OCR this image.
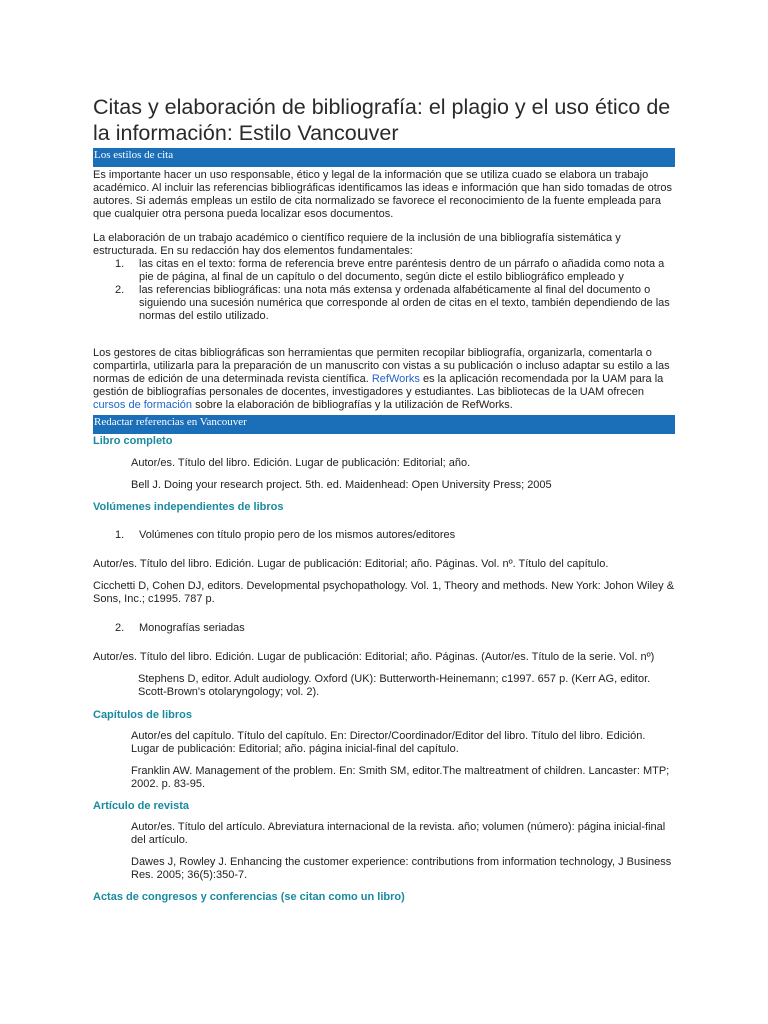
Citas y elaboración de bibliografía: el plagio y el uso ético de la información: Estilo Vancouver
Los estilos de cita

Es importante hacer un uso responsable, ético y legal de la información que se utiliza cuado se elabora un trabajo académico. Al incluir las referencias bibliográficas identificamos las ideas e información que han sido tomadas de otros autores. Si además empleas un estilo de cita normalizado se favorece el reconocimiento de la fuente empleada para que cualquier otra persona pueda localizar esos documentos.

La elaboración de un trabajo académico o científico requiere de la inclusión de una bibliografía sistemática y estructurada. En su redacción hay dos elementos fundamentales:

1. las citas en el texto: forma de referencia breve entre paréntesis dentro de un párrafo o añadida como nota a pie de página, al final de un capítulo o del documento, según dicte el estilo bibliográfico empleado y
2. las referencias bibliográficas: una nota más extensa y ordenada alfabéticamente al final del documento o siguiendo una sucesión numérica que corresponde al orden de citas en el texto, también dependiendo de las normas del estilo utilizado.

Los gestores de citas bibliográficas son herramientas que permiten recopilar bibliografía, organizarla, comentarla o compartirla, utilizarla para la preparación de un manuscrito con vistas a su publicación o incluso adaptar su estilo a las normas de edición de una determinada revista científica. RefWorks es la aplicación recomendada por la UAM para la gestión de bibliografías personales de docentes, investigadores y estudiantes. Las bibliotecas de la UAM ofrecen cursos de formación sobre la elaboración de bibliografías y la utilización de RefWorks.

Redactar referencias en Vancouver
Libro completo

Autor/es. Título del libro. Edición. Lugar de publicación: Editorial; año.

Bell J. Doing your research project. 5th. ed. Maidenhead: Open University Press; 2005

Volúmenes independientes de libros
1. Volúmenes con título propio pero de los mismos autores/editores

Autor/es. Título del libro. Edición. Lugar de publicación: Editorial; año. Páginas. Vol. nº. Título del capítulo.

Cicchetti D, Cohen DJ, editors. Developmental psychopathology. Vol. 1, Theory and methods. New York: Johon Wiley & Sons, Inc.; c1995. 787 p.

2. Monografías seriadas

Autor/es. Título del libro. Edición. Lugar de publicación: Editorial; año. Páginas. (Autor/es. Título de la serie. Vol. nº)

Stephens D, editor. Adult audiology. Oxford (UK): Butterworth-Heinemann; c1997. 657 p. (Kerr AG, editor. Scott-Brown's otolaryngology; vol. 2).

Capítulos de libros

Autor/es del capítulo. Título del capítulo. En: Director/Coordinador/Editor del libro. Título del libro. Edición. Lugar de publicación: Editorial; año. página inicial-final del capítulo.

Franklin AW. Management of the problem. En: Smith SM, editor.The maltreatment of children. Lancaster: MTP; 2002. p. 83-95.

Artículo de revista

Autor/es. Título del artículo. Abreviatura internacional de la revista. año; volumen (número): página inicial-final del artículo.

Dawes J, Rowley J. Enhancing the customer experience: contributions from information technology, J Business Res. 2005; 36(5):350-7.

Actas de congresos y conferencias (se citan como un libro)
